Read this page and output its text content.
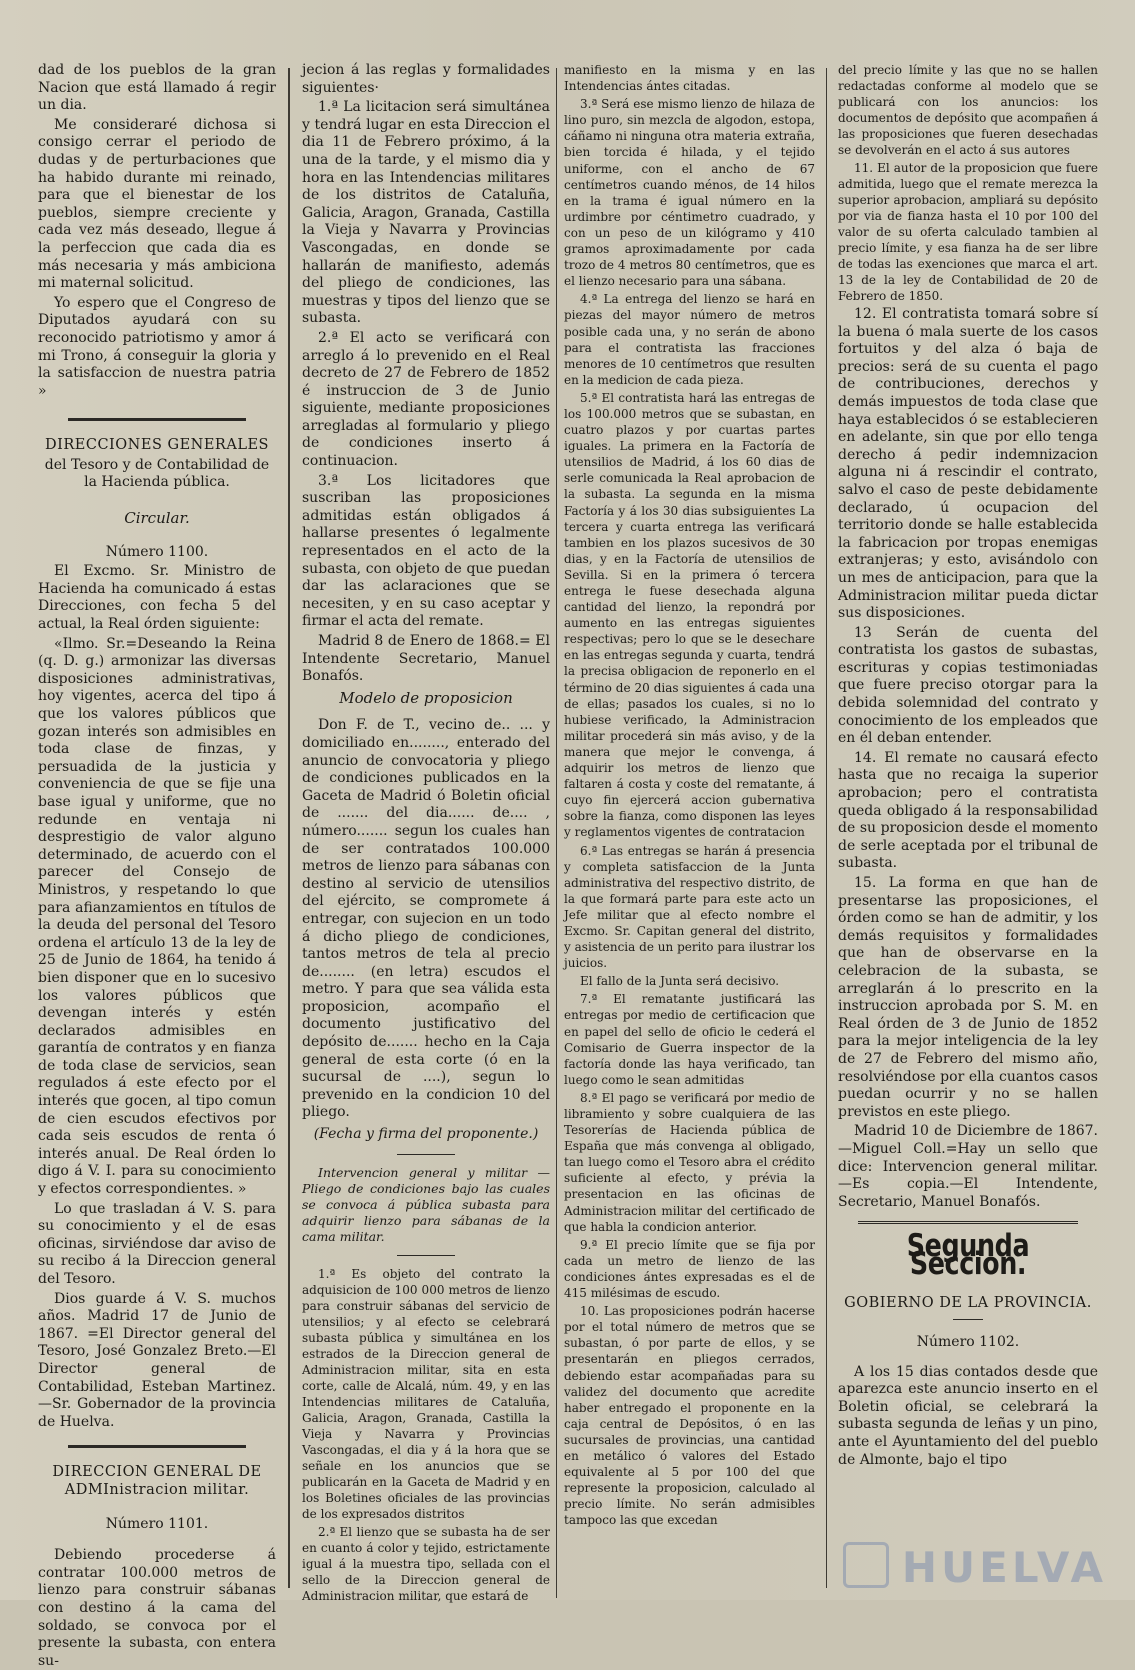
dad de los pueblos de la gran Nacion que está llamado á regir un dia.

Me consideraré dichosa si consigo cerrar el periodo de dudas y de perturbaciones que ha habido durante mi reinado, para que el bienestar de los pueblos, siempre creciente y cada vez más deseado, llegue á la perfeccion que cada dia es más necesaria y más ambiciona mi maternal solicitud.

Yo espero que el Congreso de Diputados ayudará con su reconocido patriotismo y amor á mi Trono, á conseguir la gloria y la satisfaccion de nuestra patria »

DIRECCIONES GENERALES

del Tesoro y de Contabilidad de la Hacienda pública.

Circular.

Número 1100.

El Excmo. Sr. Ministro de Hacienda ha comunicado á estas Direcciones, con fecha 5 del actual, la Real órden siguiente:

«Ilmo. Sr.=Deseando la Reina (q. D. g.) armonizar las diversas disposiciones administrativas, hoy vigentes, acerca del tipo á que los valores públicos que gozan interés son admisibles en toda clase de finzas, y persuadida de la justicia y conveniencia de que se fije una base igual y uniforme, que no redunde en ventaja ni desprestigio de valor alguno determinado, de acuerdo con el parecer del Consejo de Ministros, y respetando lo que para afianzamientos en títulos de la deuda del personal del Tesoro ordena el artículo 13 de la ley de 25 de Junio de 1864, ha tenido á bien disponer que en lo sucesivo los valores públicos que devengan interés y estén declarados admisibles en garantía de contratos y en fianza de toda clase de servicios, sean regulados á este efecto por el interés que gocen, al tipo comun de cien escudos efectivos por cada seis escudos de renta ó interés anual. De Real órden lo digo á V. I. para su conocimiento y efectos correspondientes. »

Lo que trasladan á V. S. para su conocimiento y el de esas oficinas, sirviéndose dar aviso de su recibo á la Direccion general del Tesoro.

Dios guarde á V. S. muchos años. Madrid 17 de Junio de 1867. =El Director general del Tesoro, José Gonzalez Breto.—El Director general de Contabilidad, Esteban Martinez.—Sr. Gobernador de la provincia de Huelva.

DIRECCION GENERAL DE ADMInistracion militar.

Número 1101.

Debiendo procederse á contratar 100.000 metros de lienzo para construir sábanas con destino á la cama del soldado, se convoca por el presente la subasta, con entera su-

jecion á las reglas y formalidades siguientes·

1.ª La licitacion será simultánea y tendrá lugar en esta Direccion el dia 11 de Febrero próximo, á la una de la tarde, y el mismo dia y hora en las Intendencias militares de los distritos de Cataluña, Galicia, Aragon, Granada, Castilla la Vieja y Navarra y Provincias Vascongadas, en donde se hallarán de manifiesto, además del pliego de condiciones, las muestras y tipos del lienzo que se subasta.

2.ª El acto se verificará con arreglo á lo prevenido en el Real decreto de 27 de Febrero de 1852 é instruccion de 3 de Junio siguiente, mediante proposiciones arregladas al formulario y pliego de condiciones inserto á continuacion.

3.ª Los licitadores que suscriban las proposiciones admitidas están obligados á hallarse presentes ó legalmente representados en el acto de la subasta, con objeto de que puedan dar las aclaraciones que se necesiten, y en su caso aceptar y firmar el acta del remate.

Madrid 8 de Enero de 1868.= El Intendente Secretario, Manuel Bonafós.

Modelo de proposicion

Don F. de T., vecino de.. ... y domiciliado en........, enterado del anuncio de convocatoria y pliego de condiciones publicados en la Gaceta de Madrid ó Boletin oficial de ....... del dia...... de.... , número....... segun los cuales han de ser contratados 100.000 metros de lienzo para sábanas con destino al servicio de utensilios del ejército, se compromete á entregar, con sujecion en un todo á dicho pliego de condiciones, tantos metros de tela al precio de........ (en letra) escudos el metro. Y para que sea válida esta proposicion, acompaño el documento justificativo del depósito de....... hecho en la Caja general de esta corte (ó en la sucursal de ....), segun lo prevenido en la condicion 10 del pliego.

(Fecha y firma del proponente.)

Intervencion general y militar —Pliego de condiciones bajo las cuales se convoca á pública subasta para adquirir lienzo para sábanas de la cama militar.

1.ª Es objeto del contrato la adquisicion de 100 000 metros de lienzo para construir sábanas del servicio de utensilios; y al efecto se celebrará subasta pública y simultánea en los estrados de la Direccion general de Administracion militar, sita en esta corte, calle de Alcalá, núm. 49, y en las Intendencias militares de Cataluña, Galicia, Aragon, Granada, Castilla la Vieja y Navarra y Provincias Vascongadas, el dia y á la hora que se señale en los anuncios que se publicarán en la Gaceta de Madrid y en los Boletines oficiales de las provincias de los expresados distritos

2.ª El lienzo que se subasta ha de ser en cuanto á color y tejido, estrictamente igual á la muestra tipo, sellada con el sello de la Direccion general de Administracion militar, que estará de

manifiesto en la misma y en las Intendencias ántes citadas.

3.ª Será ese mismo lienzo de hilaza de lino puro, sin mezcla de algodon, estopa, cáñamo ni ninguna otra materia extraña, bien torcida é hilada, y el tejido uniforme, con el ancho de 67 centímetros cuando ménos, de 14 hilos en la trama é igual número en la urdimbre por céntimetro cuadrado, y con un peso de un kilógramo y 410 gramos aproximadamente por cada trozo de 4 metros 80 centímetros, que es el lienzo necesario para una sábana.

4.ª La entrega del lienzo se hará en piezas del mayor número de metros posible cada una, y no serán de abono para el contratista las fracciones menores de 10 centímetros que resulten en la medicion de cada pieza.

5.ª El contratista hará las entregas de los 100.000 metros que se subastan, en cuatro plazos y por cuartas partes iguales. La primera en la Factoría de utensilios de Madrid, á los 60 dias de serle comunicada la Real aprobacion de la subasta. La segunda en la misma Factoría y á los 30 dias subsiguientes La tercera y cuarta entrega las verificará tambien en los plazos sucesivos de 30 dias, y en la Factoría de utensilios de Sevilla. Si en la primera ó tercera entrega le fuese desechada alguna cantidad del lienzo, la repondrá por aumento en las entregas siguientes respectivas; pero lo que se le desechare en las entregas segunda y cuarta, tendrá la precisa obligacion de reponerlo en el término de 20 dias siguientes á cada una de ellas; pasados los cuales, si no lo hubiese verificado, la Administracion militar procederá sin más aviso, y de la manera que mejor le convenga, á adquirir los metros de lienzo que faltaren á costa y coste del rematante, á cuyo fin ejercerá accion gubernativa sobre la fianza, como disponen las leyes y reglamentos vigentes de contratacion

6.ª Las entregas se harán á presencia y completa satisfaccion de la Junta administrativa del respectivo distrito, de la que formará parte para este acto un Jefe militar que al efecto nombre el Excmo. Sr. Capitan general del distrito, y asistencia de un perito para ilustrar los juicios.

El fallo de la Junta será decisivo.

7.ª El rematante justificará las entregas por medio de certificacion que en papel del sello de oficio le cederá el Comisario de Guerra inspector de la factoría donde las haya verificado, tan luego como le sean admitidas

8.ª El pago se verificará por medio de libramiento y sobre cualquiera de las Tesorerías de Hacienda pública de España que más convenga al obligado, tan luego como el Tesoro abra el crédito suficiente al efecto, y prévia la presentacion en las oficinas de Administracion militar del certificado de que habla la condicion anterior.

9.ª El precio límite que se fija por cada un metro de lienzo de las condiciones ántes expresadas es el de 415 milésimas de escudo.

10. Las proposiciones podrán hacerse por el total número de metros que se subastan, ó por parte de ellos, y se presentarán en pliegos cerrados, debiendo estar acompañadas para su validez del documento que acredite haber entregado el proponente en la caja central de Depósitos, ó en las sucursales de provincias, una cantidad en metálico ó valores del Estado equivalente al 5 por 100 del que represente la proposicion, calculado al precio límite. No serán admisibles tampoco las que excedan

del precio límite y las que no se hallen redactadas conforme al modelo que se publicará con los anuncios: los documentos de depósito que acompañen á las proposiciones que fueren desechadas se devolverán en el acto á sus autores

11. El autor de la proposicion que fuere admitida, luego que el remate merezca la superior aprobacion, ampliará su depósito por via de fianza hasta el 10 por 100 del valor de su oferta calculado tambien al precio límite, y esa fianza ha de ser libre de todas las exenciones que marca el art. 13 de la ley de Contabilidad de 20 de Febrero de 1850.

12. El contratista tomará sobre sí la buena ó mala suerte de los casos fortuitos y del alza ó baja de precios: será de su cuenta el pago de contribuciones, derechos y demás impuestos de toda clase que haya establecidos ó se establecieren en adelante, sin que por ello tenga derecho á pedir indemnizacion alguna ni á rescindir el contrato, salvo el caso de peste debidamente declarado, ú ocupacion del territorio donde se halle establecida la fabricacion por tropas enemigas extranjeras; y esto, avisándolo con un mes de anticipacion, para que la Administracion militar pueda dictar sus disposiciones.

13 Serán de cuenta del contratista los gastos de subastas, escrituras y copias testimoniadas que fuere preciso otorgar para la debida solemnidad del contrato y conocimiento de los empleados que en él deban entender.

14. El remate no causará efecto hasta que no recaiga la superior aprobacion; pero el contratista queda obligado á la responsabilidad de su proposicion desde el momento de serle aceptada por el tribunal de subasta.

15. La forma en que han de presentarse las proposiciones, el órden como se han de admitir, y los demás requisitos y formalidades que han de observarse en la celebracion de la subasta, se arreglarán á lo prescrito en la instruccion aprobada por S. M. en Real órden de 3 de Junio de 1852 para la mejor inteligencia de la ley de 27 de Febrero del mismo año, resolviéndose por ella cuantos casos puedan ocurrir y no se hallen previstos en este pliego.

Madrid 10 de Diciembre de 1867. —Miguel Coll.=Hay un sello que dice: Intervencion general militar. —Es copia.—El Intendente, Secretario, Manuel Bonafós.

Segunda Seccion.

GOBIERNO DE LA PROVINCIA.

Número 1102.

A los 15 dias contados desde que aparezca este anuncio inserto en el Boletin oficial, se celebrará la subasta segunda de leñas y un pino, ante el Ayuntamiento del del pueblo de Almonte, bajo el tipo

HUELVA
